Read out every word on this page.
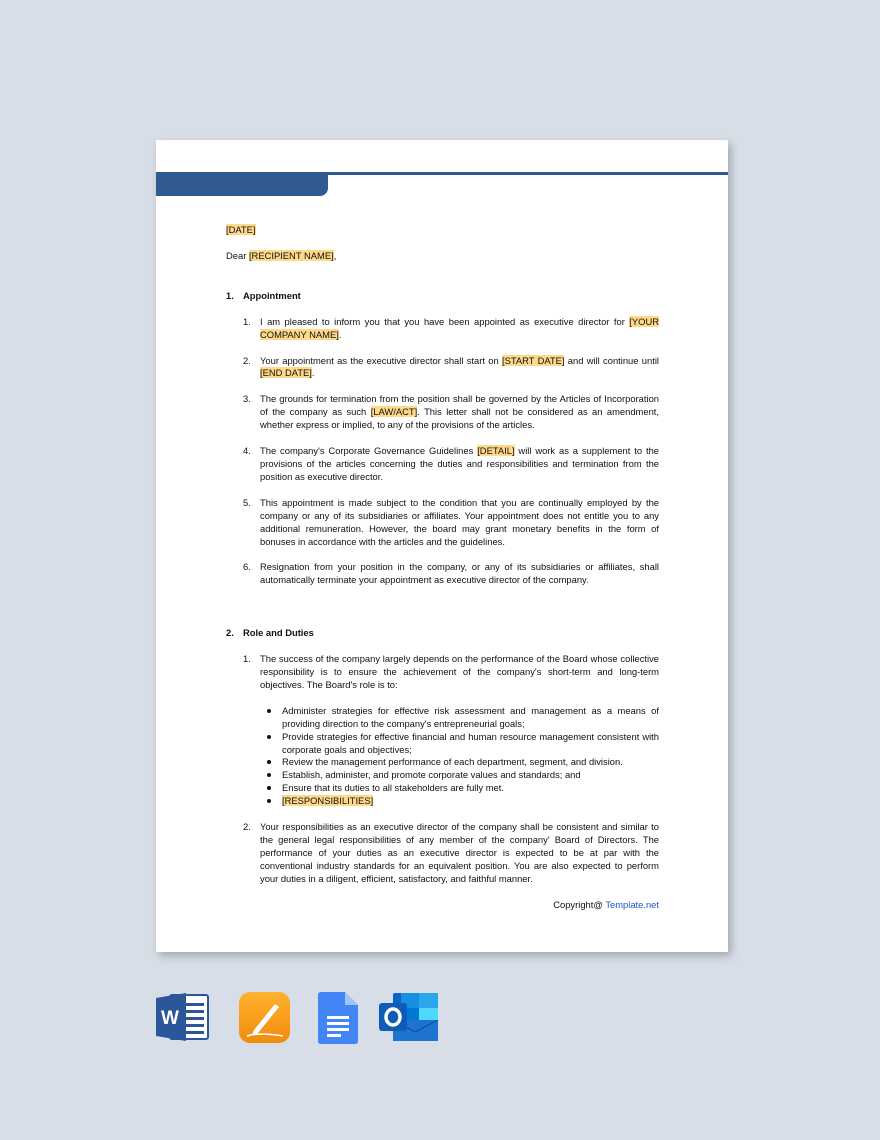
[DATE]

Dear [RECIPIENT NAME],

1. Appointment

1. I am pleased to inform you that you have been appointed as executive director for [YOUR COMPANY NAME].

2. Your appointment as the executive director shall start on [START DATE] and will continue until [END DATE].

3. The grounds for termination from the position shall be governed by the Articles of Incorporation of the company as such [LAW/ACT]. This letter shall not be considered as an amendment, whether express or implied, to any of the provisions of the articles.

4. The company's Corporate Governance Guidelines [DETAIL] will work as a supplement to the provisions of the articles concerning the duties and responsibilities and termination from the position as executive director.

5. This appointment is made subject to the condition that you are continually employed by the company or any of its subsidiaries or affiliates. Your appointment does not entitle you to any additional remuneration. However, the board may grant monetary benefits in the form of bonuses in accordance with the articles and the guidelines.

6. Resignation from your position in the company, or any of its subsidiaries or affiliates, shall automatically terminate your appointment as executive director of the company.

2. Role and Duties

1. The success of the company largely depends on the performance of the Board whose collective responsibility is to ensure the achievement of the company's short-term and long-term objectives. The Board's role is to:

Administer strategies for effective risk assessment and management as a means of providing direction to the company's entrepreneurial goals;
Provide strategies for effective financial and human resource management consistent with corporate goals and objectives;
Review the management performance of each department, segment, and division.
Establish, administer, and promote corporate values and standards; and
Ensure that its duties to all stakeholders are fully met.
[RESPONSIBILITIES]

2. Your responsibilities as an executive director of the company shall be consistent and similar to the general legal responsibilities of any member of the company' Board of Directors. The performance of your duties as an executive director is expected to be at par with the conventional industry standards for an equivalent position. You are also expected to perform your duties in a diligent, efficient, satisfactory, and faithful manner.

Copyright@ Template.net

W
